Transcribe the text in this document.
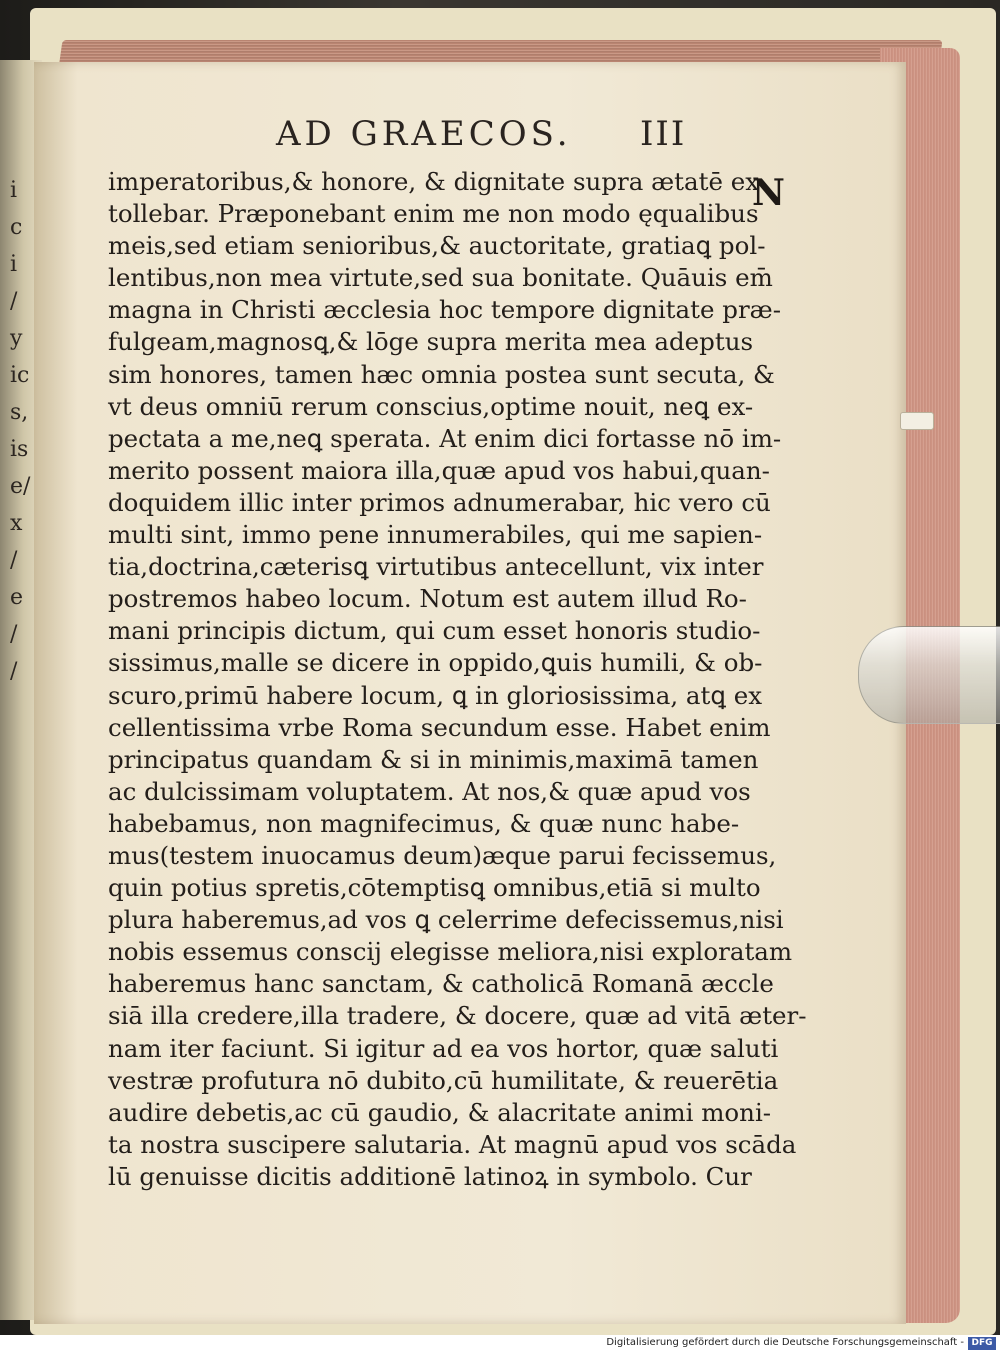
i
c
i
/
y
ic
s,
is
e/
x
/
e
/
/
AD GRAECOS. III
N
imperatoribus,& honore, & dignitate supra ætatē ex
tollebar. Præponebant enim me non modo ęqualibus
meis,sed etiam senioribus,& auctoritate, gratiaꝗ pol-
lentibus,non mea virtute,sed sua bonitate. Quāuis em̄
magna in Christi æcclesia hoc tempore dignitate præ-
fulgeam,magnosꝗ,& lōge supra merita mea adeptus
sim honores, tamen hæc omnia postea sunt secuta, &
vt deus omniū rerum conscius,optime nouit, neꝗ ex-
pectata a me,neꝗ sperata. At enim dici fortasse nō im-
merito possent maiora illa,quæ apud vos habui,quan-
doquidem illic inter primos adnumerabar, hic vero cū
multi sint, immo pene innumerabiles, qui me sapien-
tia,doctrina,cæterisꝗ virtutibus antecellunt, vix inter
postremos habeo locum. Notum est autem illud Ro-
mani principis dictum, qui cum esset honoris studio-
sissimus,malle se dicere in oppido,ꝗuis humili, & ob-
scuro,primū habere locum, ꝗ in gloriosissima, atꝗ ex
cellentissima vrbe Roma secundum esse. Habet enim
principatus quandam & si in minimis,maximā tamen
ac dulcissimam voluptatem. At nos,& quæ apud vos
habebamus, non magnifecimus, & quæ nunc habe-
mus(testem inuocamus deum)æque parui fecissemus,
quin potius spretis,cōtemptisꝗ omnibus,etiā si multo
plura haberemus,ad vos ꝗ celerrime defecissemus,nisi
nobis essemus conscij elegisse meliora,nisi exploratam
haberemus hanc sanctam, & catholicā Romanā æccle
siā illa credere,illa tradere, & docere, quæ ad vitā æter-
nam iter faciunt. Si igitur ad ea vos hortor, quæ saluti
vestræ profutura nō dubito,cū humilitate, & reuerētia
audire debetis,ac cū gaudio, & alacritate animi moni-
ta nostra suscipere salutaria. At magnū apud vos scāda
lū genuisse dicitis additionē latinoꝝ in symbolo. Cur
Digitalisierung gefördert durch die Deutsche Forschungsgemeinschaft - DFG
